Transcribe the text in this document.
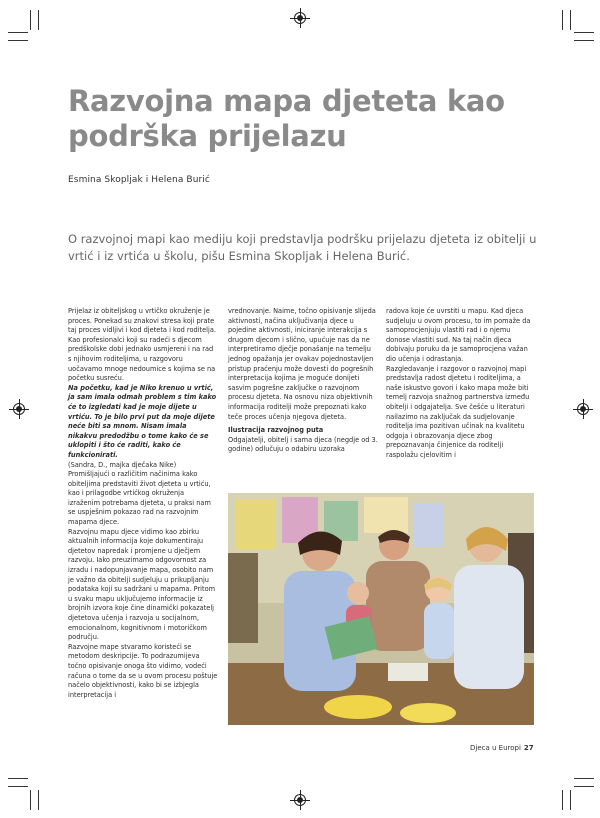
Razvojna mapa djeteta kao podrška prijelazu
Esmina Skopljak i Helena Burić

O razvojnoj mapi kao mediju koji predstavlja podršku prijelazu djeteta iz obitelji u vrtić i iz vrtića u školu, pišu Esmina Skopljak i Helena Burić.

Prijelaz iz obiteljskog u vrtičko okruženje je proces. Ponekad su znakovi stresa koji prate taj proces vidljivi i kod djeteta i kod roditelja. Kao profesionalci koji su radeći s djecom predškolske dobi jednako usmjereni i na rad s njihovim roditeljima, u razgovoru uočavamo mnoge nedoumice s kojima se na početku susreću.

Na početku, kad je Niko krenuo u vrtić, ja sam imala odmah problem s tim kako će to izgledati kad je moje dijete u vrtiću. To je bilo prvi put da moje dijete neće biti sa mnom. Nisam imala nikakvu predodžbu o tome kako će se uklopiti i što će raditi, kako će funkcionirati.

(Sandra, D., majka dječaka Nike)

Promišljajući o različitim načinima kako obiteljima predstaviti život djeteta u vrtiću, kao i prilagodbe vrtićkog okruženja izraženim potrebama djeteta, u praksi nam se uspješnim pokazao rad na razvojnim mapama djece.

Razvojnu mapu djece vidimo kao zbirku aktualnih informacija koje dokumentiraju djetetov napredak i promjene u dječjem razvoju. Iako preuzimamo odgovornost za izradu i nadopunjavanje mapa, osobito nam je važno da obitelji sudjeluju u prikupljanju podataka koji su sadržani u mapama. Pritom u svaku mapu uključujemo informacije iz brojnih izvora koje čine dinamički pokazatelj djetetova učenja i razvoja u socijalnom, emocionalnom, kognitivnom i motoričkom području.

Razvojne mape stvaramo koristeći se metodom deskripcije. To podrazumijeva točno opisivanje onoga što vidimo, vodeći računa o tome da se u ovom procesu poštuje načelo objektivnosti, kako bi se izbjegla interpretacija i

vrednovanje. Naime, točno opisivanje slijeda aktivnosti, načina uključivanja djece u pojedine aktivnosti, iniciranje interakcija s drugom djecom i slično, upućuje nas da ne interpretiramo dječje ponašanje na temelju jednog opažanja jer ovakav pojednostavljen pristup praćenju može dovesti do pogrešnih interpretacija kojima je moguće donijeti sasvim pogrešne zaključke o razvojnom procesu djeteta. Na osnovu niza objektivnih informacija roditelji može prepoznati kako teče proces učenja njegova djeteta.

Ilustracija razvojnog puta

Odgajatelji, obitelj i sama djeca (negdje od 3. godine) odlučuju o odabiru uzoraka

radova koje će uvrstiti u mapu. Kad djeca sudjeluju u ovom procesu, to im pomaže da samoprocjenjuju vlastiti rad i o njemu donose vlastiti sud. Na taj način djeca dobivaju poruku da je samoprocjena važan dio učenja i odrastanja.

Razgledavanje i razgovor o razvojnoj mapi predstavlja radost djetetu i roditeljima, a naše iskustvo govori i kako mapa može biti temelj razvoja snažnog partnerstva između obitelji i odgajatelja. Sve češće u literaturi nailazimo na zaključak da sudjelovanje roditelja ima pozitivan učinak na kvalitetu odgoja i obrazovanja djece zbog prepoznavanja činjenice da roditelji raspolažu cjelovitim i

Djeca u Europi 27
